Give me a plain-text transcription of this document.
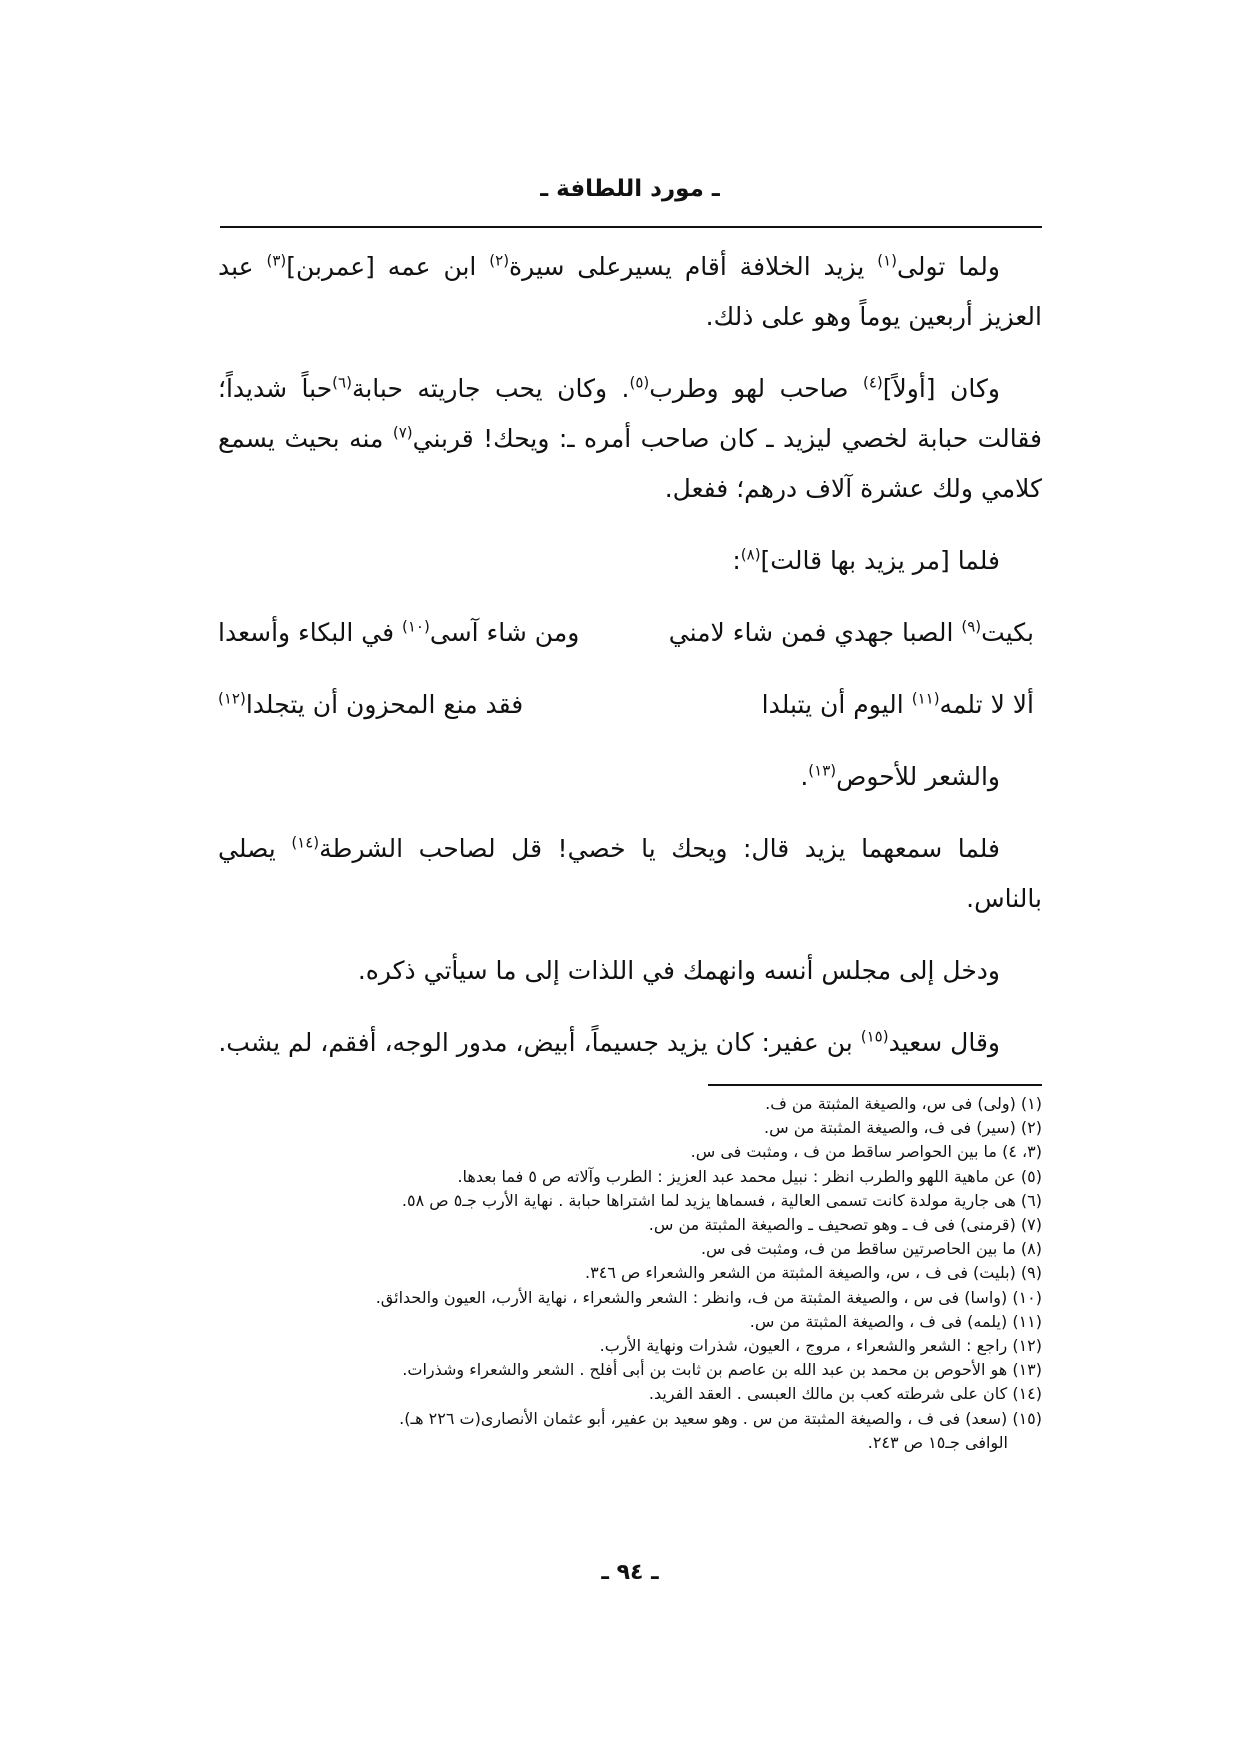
ـ مورد اللطافة ـ

ولما تولى$^{(١)}$ يزيد الخلافة أقام يسيرعلى سيرة$^{(٢)}$ ابن عمه [عمربن]$^{(٣)}$ عبد العزيز أربعين يوماً وهو على ذلك.

وكان [أولاً]$^{(٤)}$ صاحب لهو وطرب$^{(٥)}$. وكان يحب جاريته حبابة$^{(٦)}$حباً شديداً؛ فقالت حبابة لخصي ليزيد ـ كان صاحب أمره ـ: ويحك! قربني$^{(٧)}$ منه بحيث يسمع كلامي ولك عشرة آلاف درهم؛ ففعل.

فلما [مر يزيد بها قالت]$^{(٨)}$:

بكيت$^{(٩)}$ الصبا جهدي فمن شاء لامني
ومن شاء آسى$^{(١٠)}$ في البكاء وأسعدا
ألا لا تلمه$^{(١١)}$ اليوم أن يتبلدا
فقد منع المحزون أن يتجلدا$^{(١٢)}$

والشعر للأحوص$^{(١٣)}$.

فلما سمعهما يزيد قال: ويحك يا خصي! قل لصاحب الشرطة$^{(١٤)}$ يصلي بالناس.

ودخل إلى مجلس أنسه وانهمك في اللذات إلى ما سيأتي ذكره.

وقال سعيد$^{(١٥)}$ بن عفير: كان يزيد جسيماً، أبيض، مدور الوجه، أفقم، لم يشب.

(١) (ولى) فى س، والصيغة المثبتة من ف.

(٢) (سير) فى ف، والصيغة المثبتة من س.

(٣، ٤) ما بين الحواصر ساقط من ف ، ومثبت فى س.

(٥) عن ماهية اللهو والطرب انظر : نبيل محمد عبد العزيز : الطرب وآلاته ص ٥ فما بعدها.

(٦) هى جارية مولدة كانت تسمى العالية ، فسماها يزيد لما اشتراها حبابة . نهاية الأرب جـ٥ ص ٥٨.

(٧) (قرمنى) فى ف ـ وهو تصحيف ـ والصيغة المثبتة من س.

(٨) ما بين الحاصرتين ساقط من ف، ومثبت فى س.

(٩) (بليت) فى ف ، س، والصيغة المثبتة من الشعر والشعراء ص ٣٤٦.

(١٠) (واسا) فى س ، والصيغة المثبتة من ف، وانظر : الشعر والشعراء ، نهاية الأرب، العيون والحدائق.

(١١) (يلمه) فى ف ، والصيغة المثبتة من س.

(١٢) راجع : الشعر والشعراء ، مروج ، العيون، شذرات ونهاية الأرب.

(١٣) هو الأحوص بن محمد بن عبد الله بن عاصم بن ثابت بن أبى أفلح . الشعر والشعراء وشذرات.

(١٤) كان على شرطته كعب بن مالك العبسى . العقد الفريد.

(١٥) (سعد) فى ف ، والصيغة المثبتة من س . وهو سعيد بن عفير، أبو عثمان الأنصارى(ت ٢٢٦ هـ).

الوافى جـ١٥ ص ٢٤٣.

ـ ٩٤ ـ
